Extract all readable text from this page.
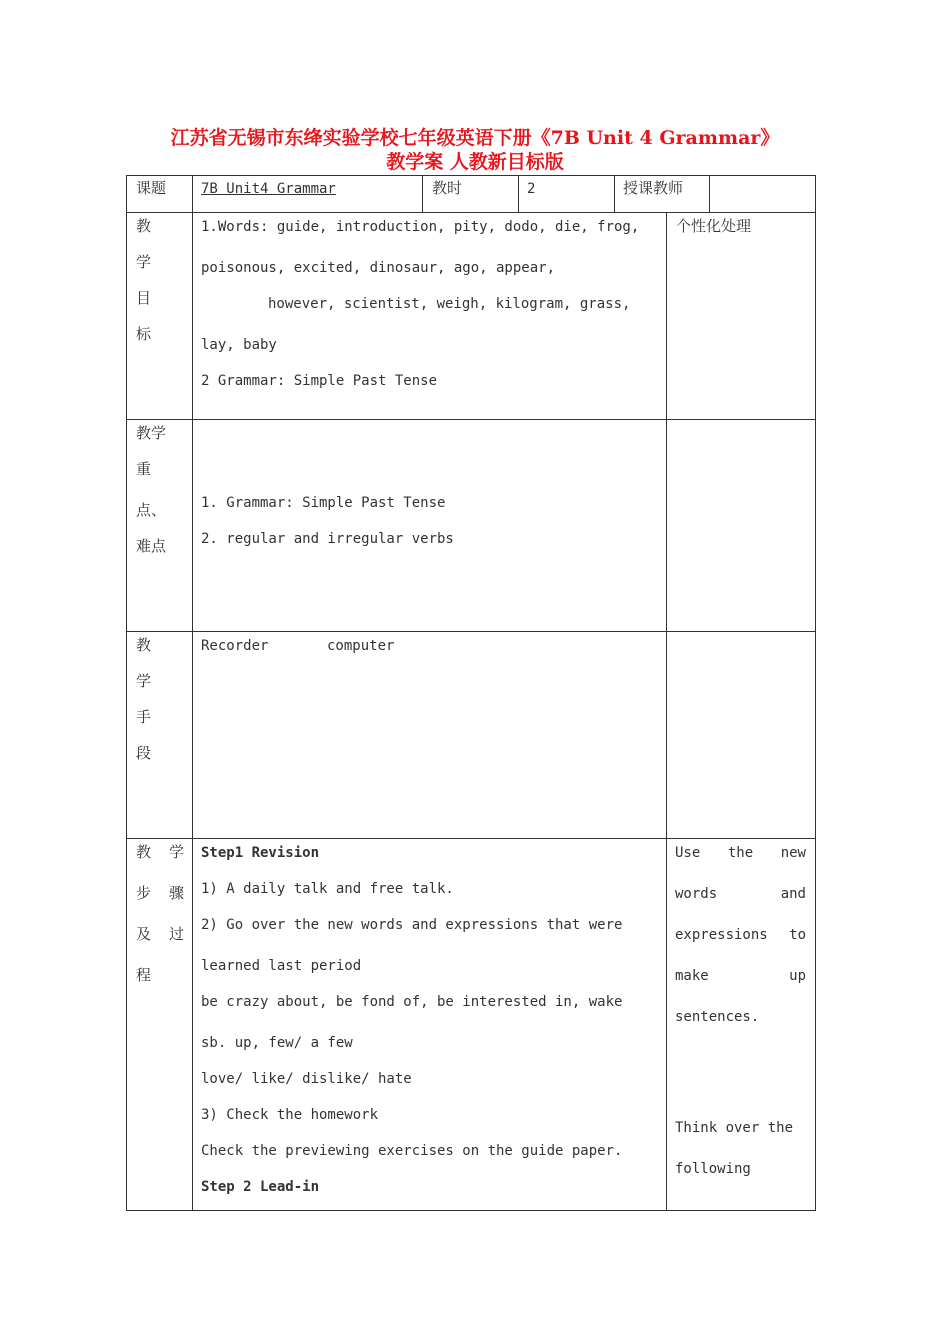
江苏省无锡市东绛实验学校七年级英语下册《7B Unit 4 Grammar》
教学案 人教新目标版
课题 7B Unit4 Grammar	教时	2	授课教师
教
学
目
标
1.Words: guide, introduction, pity, dodo, die, frog,
poisonous, excited, dinosaur, ago, appear,
however, scientist, weigh, kilogram, grass,
lay, baby
2 Grammar: Simple Past Tense
个性化处理
教学
重
点、
难点
1. Grammar: Simple Past Tense
2. regular and irregular verbs
教
学
手
段
Recorder	computer
教 学
步 骤
及 过
程
Step1 Revision
1) A daily talk and free talk.
2) Go over the new words and expressions that were
learned last period
be crazy about, be fond of, be interested in, wake
sb. up, few/ a few
love/ like/ dislike/ hate
3) Check the homework
Check the previewing exercises on the guide paper.
Step 2 Lead-in
Use the new
words	and
expressions to
make	up
sentences.
Think over the
following
